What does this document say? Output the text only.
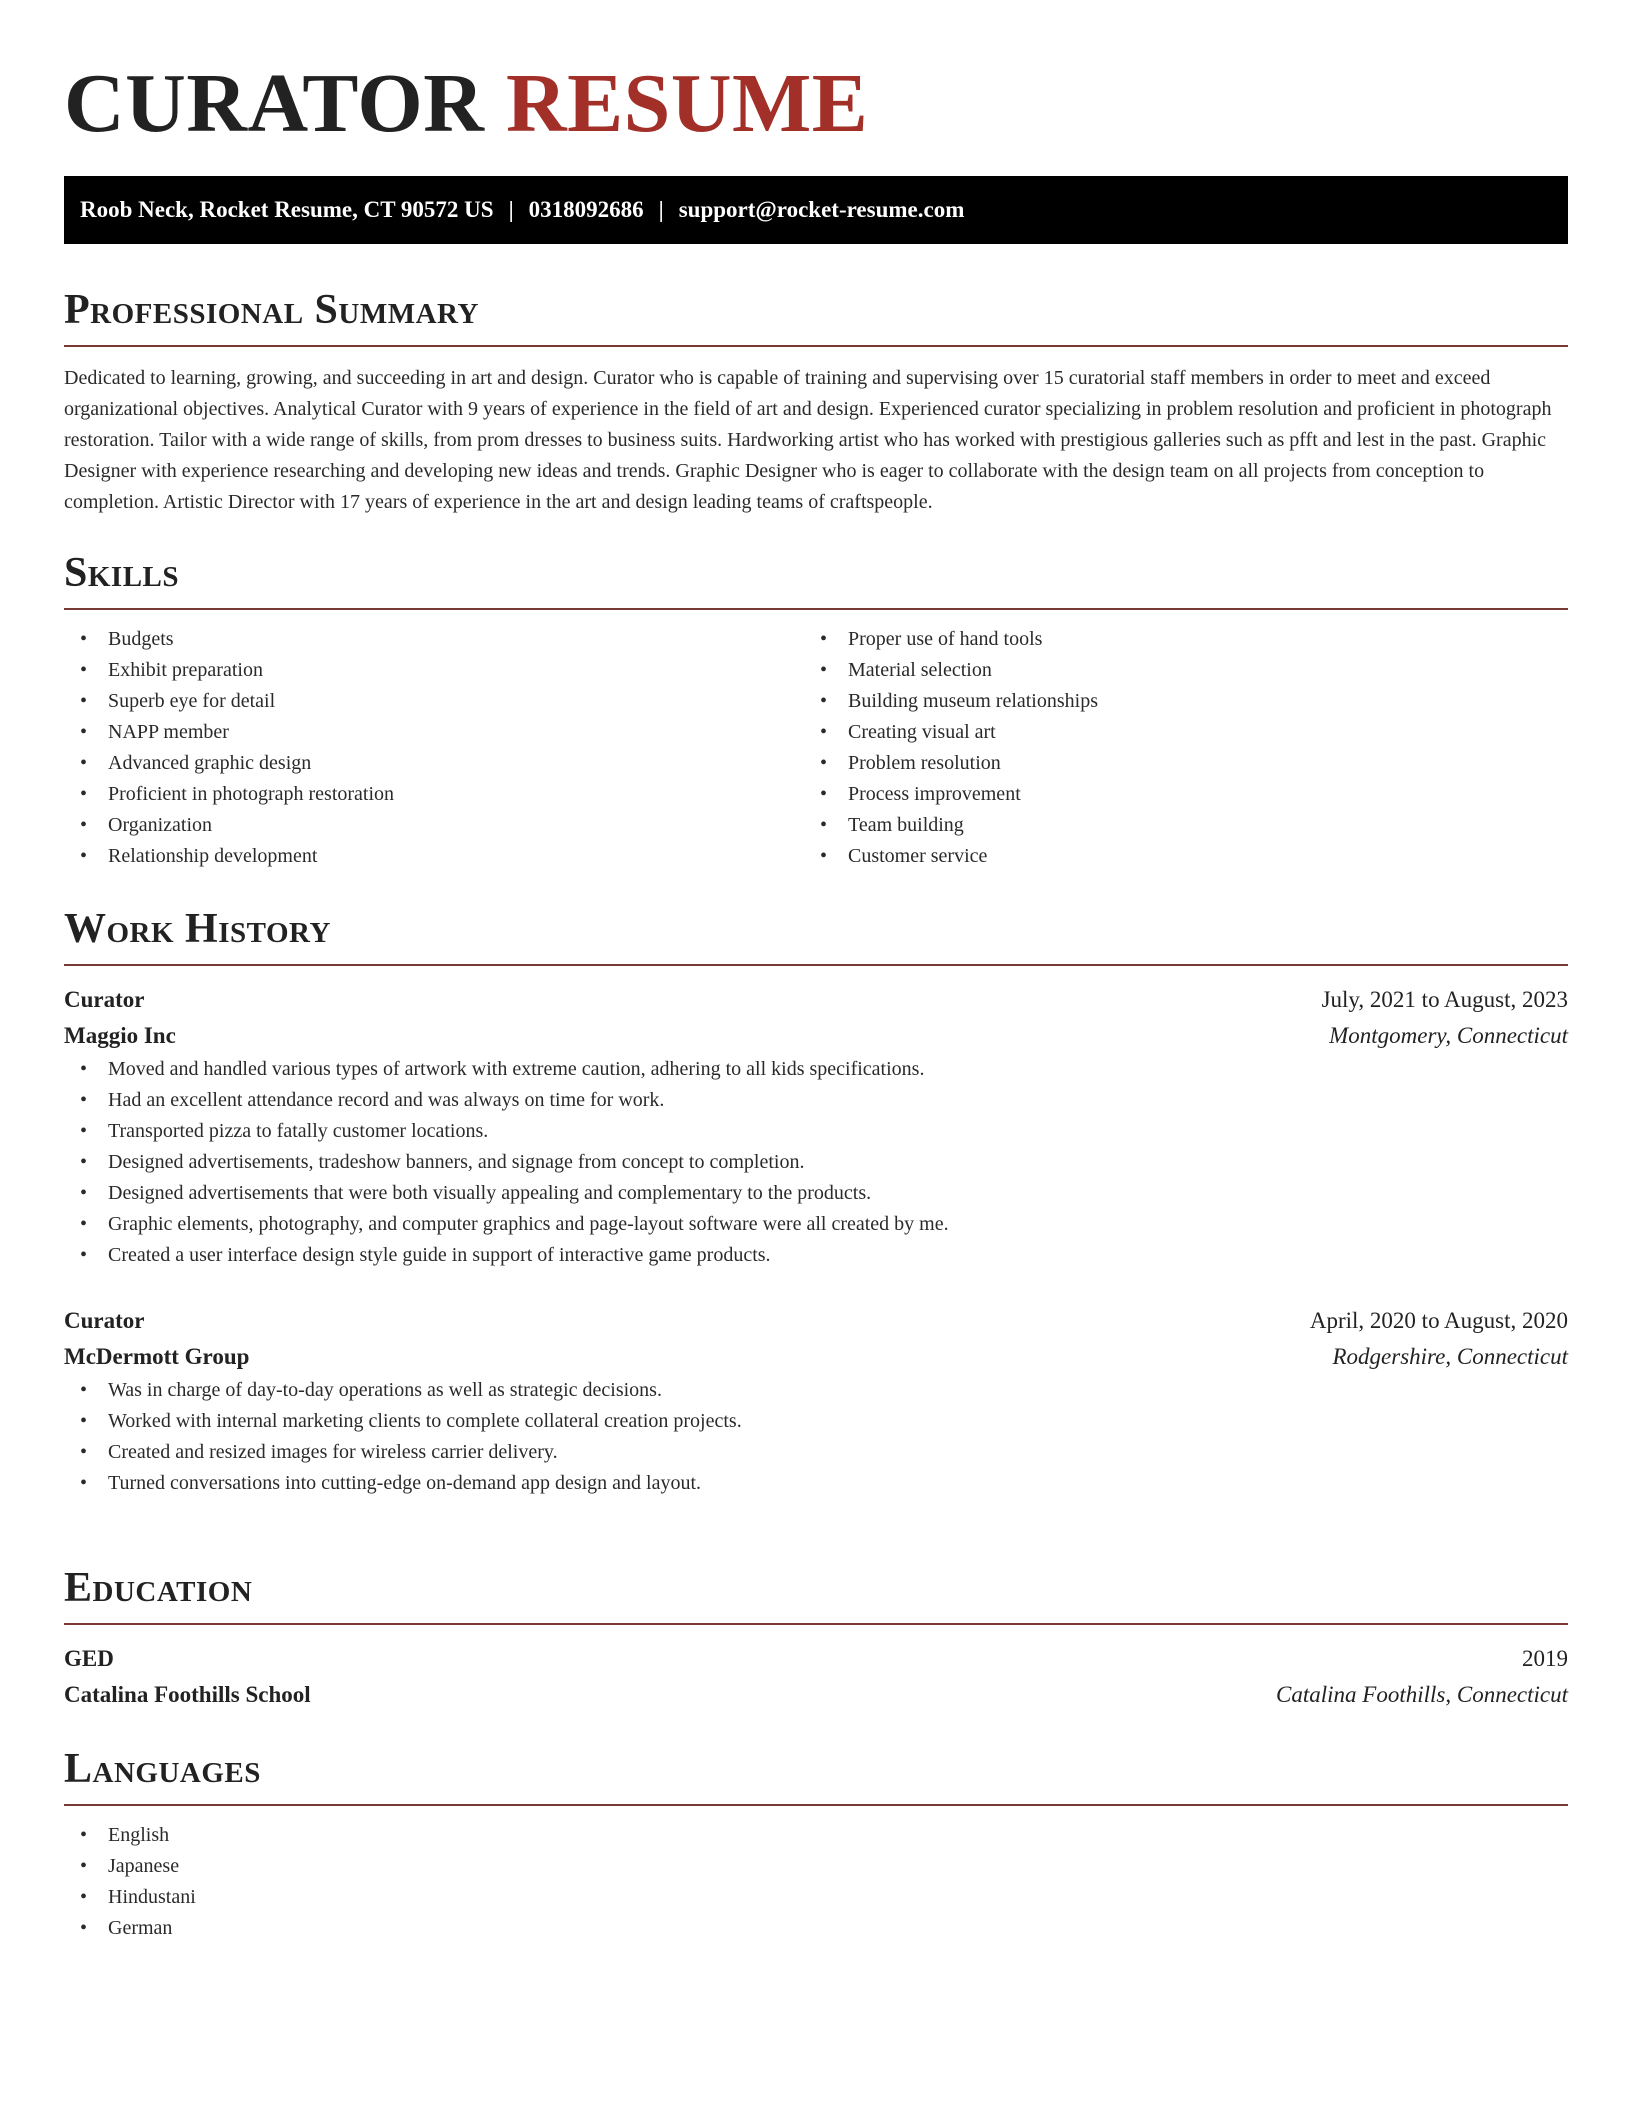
CURATOR RESUME
Roob Neck, Rocket Resume, CT 90572 US | 0318092686 | support@rocket-resume.com
Professional Summary

Dedicated to learning, growing, and succeeding in art and design. Curator who is capable of training and supervising over 15 curatorial staff members in order to meet and exceed organizational objectives. Analytical Curator with 9 years of experience in the field of art and design. Experienced curator specializing in problem resolution and proficient in photograph restoration. Tailor with a wide range of skills, from prom dresses to business suits. Hardworking artist who has worked with prestigious galleries such as pfft and lest in the past. Graphic Designer with experience researching and developing new ideas and trends. Graphic Designer who is eager to collaborate with the design team on all projects from conception to completion. Artistic Director with 17 years of experience in the art and design leading teams of craftspeople.

Skills
• Budgets
• Exhibit preparation
• Superb eye for detail
• NAPP member
• Advanced graphic design
• Proficient in photograph restoration
• Organization
• Relationship development
• Proper use of hand tools
• Material selection
• Building museum relationships
• Creating visual art
• Problem resolution
• Process improvement
• Team building
• Customer service
Work History
Curator	July, 2021 to August, 2023
Maggio Inc	Montgomery, Connecticut
• Moved and handled various types of artwork with extreme caution, adhering to all kids specifications.
• Had an excellent attendance record and was always on time for work.
• Transported pizza to fatally customer locations.
• Designed advertisements, tradeshow banners, and signage from concept to completion.
• Designed advertisements that were both visually appealing and complementary to the products.
• Graphic elements, photography, and computer graphics and page-layout software were all created by me.
• Created a user interface design style guide in support of interactive game products.
Curator	April, 2020 to August, 2020
McDermott Group	Rodgershire, Connecticut
• Was in charge of day-to-day operations as well as strategic decisions.
• Worked with internal marketing clients to complete collateral creation projects.
• Created and resized images for wireless carrier delivery.
• Turned conversations into cutting-edge on-demand app design and layout.
Education
GED	2019
Catalina Foothills School	Catalina Foothills, Connecticut
Languages
• English
• Japanese
• Hindustani
• German
